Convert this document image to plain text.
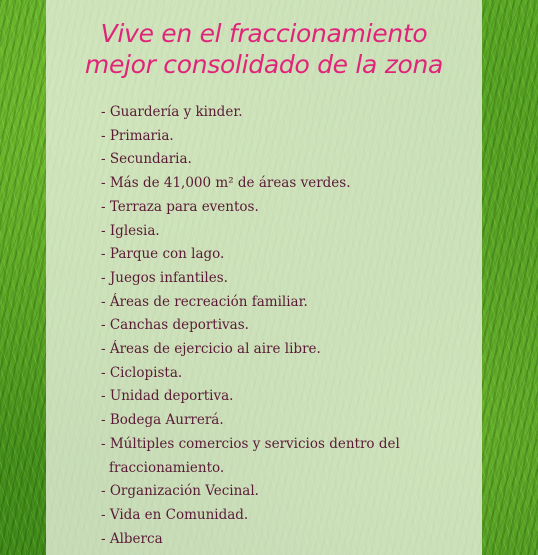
Vive en el fraccionamiento
mejor consolidado de la zona
- Guardería y kinder.
- Primaria.
- Secundaria.
- Más de 41,000 m² de áreas verdes.
- Terraza para eventos.
- Iglesia.
- Parque con lago.
- Juegos infantiles.
- Áreas de recreación familiar.
- Canchas deportivas.
- Áreas de ejercicio al aire libre.
- Ciclopista.
- Unidad deportiva.
- Bodega Aurrerá.
- Múltiples comercios y servicios dentro del fraccionamiento.
- Organización Vecinal.
- Vida en Comunidad.
- Alberca
